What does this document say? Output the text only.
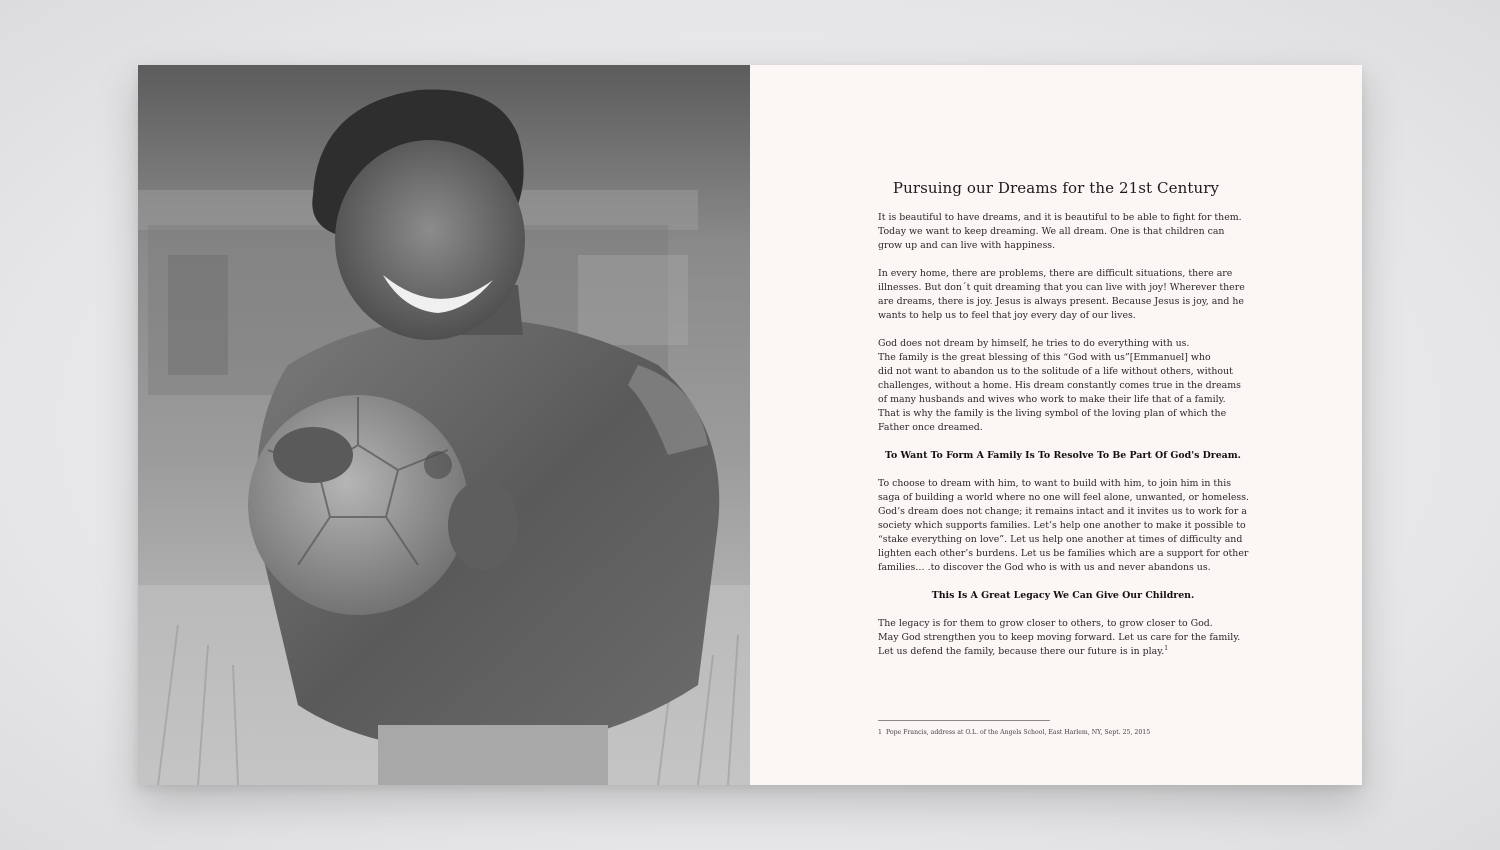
Pursuing our Dreams for the 21st Century

It is beautiful to have dreams, and it is beautiful to be able to fight for them.
Today we want to keep dreaming. We all dream. One is that children can
grow up and can live with happiness.

In every home, there are problems, there are difficult situations, there are
illnesses. But don´t quit dreaming that you can live with joy! Wherever there
are dreams, there is joy. Jesus is always present. Because Jesus is joy, and he
wants to help us to feel that joy every day of our lives.

God does not dream by himself, he tries to do everything with us.
The family is the great blessing of this “God with us”[Emmanuel] who
did not want to abandon us to the solitude of a life without others, without
challenges, without a home. His dream constantly comes true in the dreams
of many husbands and wives who work to make their life that of a family.
That is why the family is the living symbol of the loving plan of which the
Father once dreamed.

To Want To Form A Family Is To Resolve To Be Part Of God's Dream.

To choose to dream with him, to want to build with him, to join him in this
saga of building a world where no one will feel alone, unwanted, or homeless.
God’s dream does not change; it remains intact and it invites us to work for a
society which supports families. Let’s help one another to make it possible to
“stake everything on love”. Let us help one another at times of difficulty and
lighten each other’s burdens. Let us be families which are a support for other
families… .to discover the God who is with us and never abandons us.

This Is A Great Legacy We Can Give Our Children.

The legacy is for them to grow closer to others, to grow closer to God.
May God strengthen you to keep moving forward. Let us care for the family.
Let us defend the family, because there our future is in play.$^1$

1 Pope Francis, address at O.L. of the Angels School, East Harlem, NY, Sept. 25, 2015
